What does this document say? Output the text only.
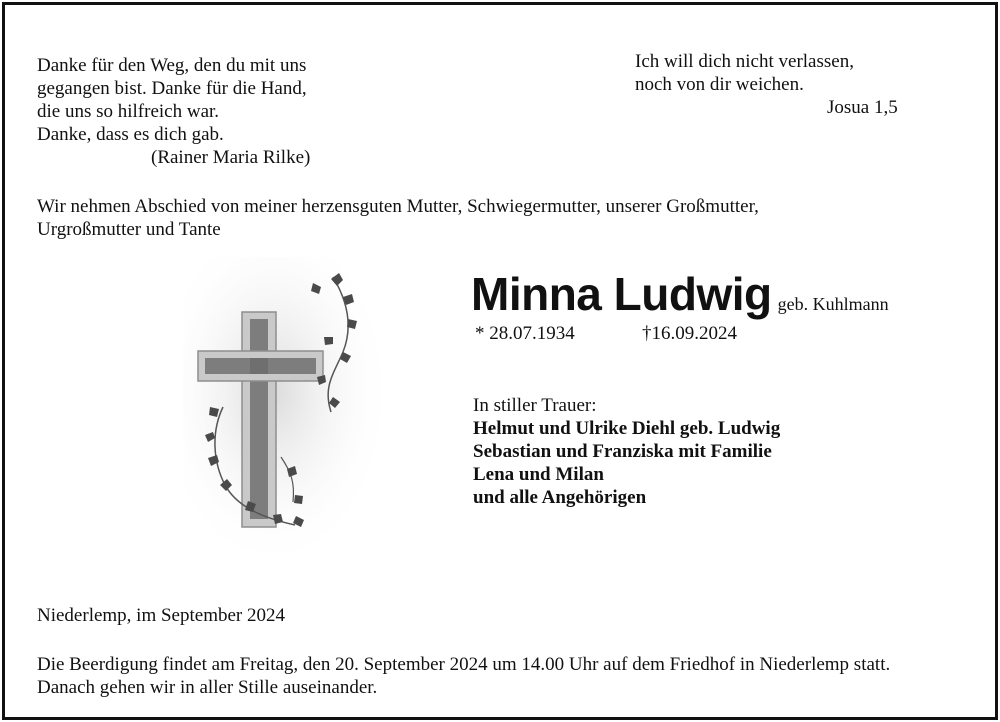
Danke für den Weg, den du mit uns
gegangen bist. Danke für die Hand,
die uns so hilfreich war.
Danke, dass es dich gab.
(Rainer Maria Rilke)
Ich will dich nicht verlassen,
noch von dir weichen.
Josua 1,5
Wir nehmen Abschied von meiner herzensguten Mutter, Schwiegermutter, unserer Großmutter,
Urgroßmutter und Tante
Minna Ludwig geb. Kuhlmann
* 28.07.1934	†16.09.2024
In stiller Trauer:
Helmut und Ulrike Diehl geb. Ludwig
Sebastian und Franziska mit Familie
Lena und Milan
und alle Angehörigen
Niederlemp, im September 2024
Die Beerdigung findet am Freitag, den 20. September 2024 um 14.00 Uhr auf dem Friedhof in Niederlemp statt.
Danach gehen wir in aller Stille auseinander.
